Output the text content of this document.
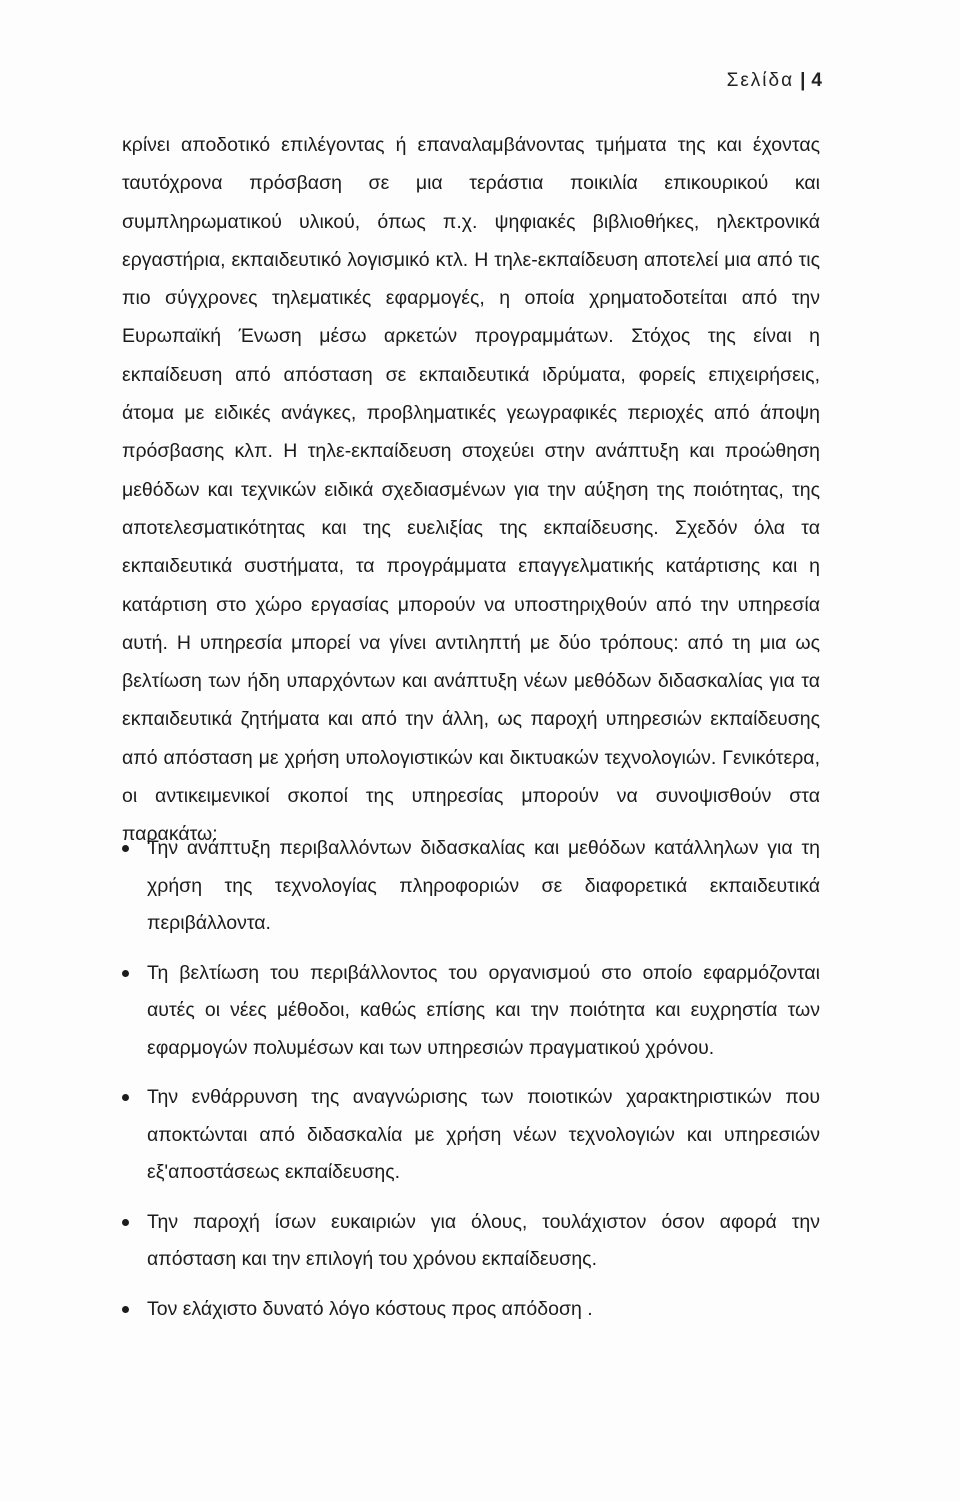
Σελίδα | 4

κρίνει αποδοτικό επιλέγοντας ή επαναλαμβάνοντας τμήματα της και έχοντας ταυτόχρονα πρόσβαση σε μια τεράστια ποικιλία επικουρικού και συμπληρωματικού υλικού, όπως π.χ. ψηφιακές βιβλιοθήκες, ηλεκτρονικά εργαστήρια, εκπαιδευτικό λογισμικό κτλ. Η τηλε-εκπαίδευση αποτελεί μια από τις πιο σύγχρονες τηλεματικές εφαρμογές, η οποία χρηματοδοτείται από την Ευρωπαϊκή Ένωση μέσω αρκετών προγραμμάτων. Στόχος της είναι η εκπαίδευση από απόσταση σε εκπαιδευτικά ιδρύματα, φορείς επιχειρήσεις, άτομα με ειδικές ανάγκες, προβληματικές γεωγραφικές περιοχές από άποψη πρόσβασης κλπ. Η τηλε-εκπαίδευση στοχεύει στην ανάπτυξη και προώθηση μεθόδων και τεχνικών ειδικά σχεδιασμένων για την αύξηση της ποιότητας, της αποτελεσματικότητας και της ευελιξίας της εκπαίδευσης. Σχεδόν όλα τα εκπαιδευτικά συστήματα, τα προγράμματα επαγγελματικής κατάρτισης και η κατάρτιση στο χώρο εργασίας μπορούν να υποστηριχθούν από την υπηρεσία αυτή. Η υπηρεσία μπορεί να γίνει αντιληπτή με δύο τρόπους: από τη μια ως βελτίωση των ήδη υπαρχόντων και ανάπτυξη νέων μεθόδων διδασκαλίας για τα εκπαιδευτικά ζητήματα και από την άλλη, ως παροχή υπηρεσιών εκπαίδευσης από απόσταση με χρήση υπολογιστικών και δικτυακών τεχνολογιών. Γενικότερα, οι αντικειμενικοί σκοποί της υπηρεσίας μπορούν να συνοψισθούν στα παρακάτω:

Την ανάπτυξη περιβαλλόντων διδασκαλίας και μεθόδων κατάλληλων για τη χρήση της τεχνολογίας πληροφοριών σε διαφορετικά εκπαιδευτικά περιβάλλοντα.
Τη βελτίωση του περιβάλλοντος του οργανισμού στο οποίο εφαρμόζονται αυτές οι νέες μέθοδοι, καθώς επίσης και την ποιότητα και ευχρηστία των εφαρμογών πολυμέσων και των υπηρεσιών πραγματικού χρόνου.
Την ενθάρρυνση της αναγνώρισης των ποιοτικών χαρακτηριστικών που αποκτώνται από διδασκαλία με χρήση νέων τεχνολογιών και υπηρεσιών εξ'αποστάσεως εκπαίδευσης.
Την παροχή ίσων ευκαιριών για όλους, τουλάχιστον όσον αφορά την απόσταση και την επιλογή του χρόνου εκπαίδευσης.
Τον ελάχιστο δυνατό λόγο κόστους προς απόδοση .
